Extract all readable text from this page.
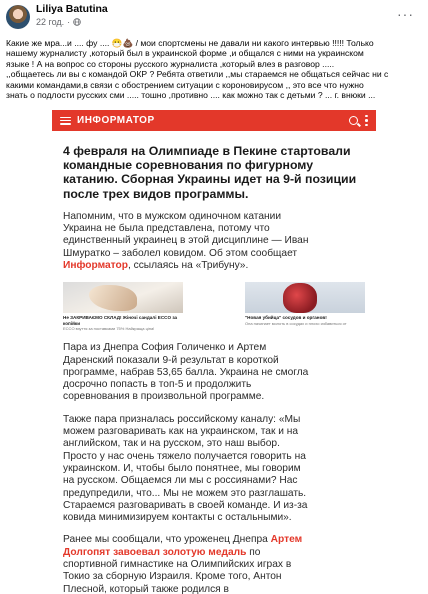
Liliya Batutina
22 год. ·	···
Какие же мра...и .... фу .... 😷💩 / мои спортсмены не давали ни какого интервью !!!!! Только
нашему журналисту ,который был в украинской форме ,и общался с ними на украинском
языке ! А на вопрос со стороны русского журналиста ,который влез в разговор .....
,,общаетесь ли вы с командой ОКР ? Ребята ответили ,,мы стараемся не общаться сейчас ни с
какими командами,в связи с обострением ситуации с короновирусом ,, это все что нужно
знать о подлости русских сми ..... тошно ,противно .... как можно так с детьми ? ... г. внюки ...
ИНФОРМАТОР
4 февраля на Олимпиаде в Пекине стартовали
командные соревнования по фигурному
катанию. Сборная Украины идет на 9-й позиции
после трех видов программы.
Напомним, что в мужском одиночном катании
Украина не была представлена, потому что
единственный украинец в этой дисциплине — Иван
Шмуратко – заболел ковидом. Об этом сообщает
Информатор, ссылаясь на «Трибуну».
Не ЗАКРИВАЄМО СКЛАД! Жіночі сандалі ECCO за копійки
ECCO взуття за поставками 75% Найкраща ціна!
"Новая убийца" сосудов и органов!
Она начинает молоть в сосудах и плохо избавиться от
Пара из Днепра София Голиченко и Артем
Даренский показали 9-й результат в короткой
программе, набрав 53,65 балла. Украина не смогла
досрочно попасть в топ-5 и продолжить
соревнования в произвольной программе.
Также пара призналась российскому каналу: «Мы
можем разговаривать как на украинском, так и на
английском, так и на русском, это наш выбор.
Просто у нас очень тяжело получается говорить на
украинском. И, чтобы было понятнее, мы говорим
на русском. Общаемся ли мы с россиянами? Нас
предупредили, что... Мы не можем это разглашать.
Стараемся разговаривать в своей команде. И из-за
ковида минимизируем контакты с остальными».
Ранее мы сообщали, что уроженец Днепра Артем
Долгопят завоевал золотую медаль по
спортивной гимнастике на Олимпийских играх в
Токио за сборную Израиля. Кроме того, Антон
Плесной, который также родился в
